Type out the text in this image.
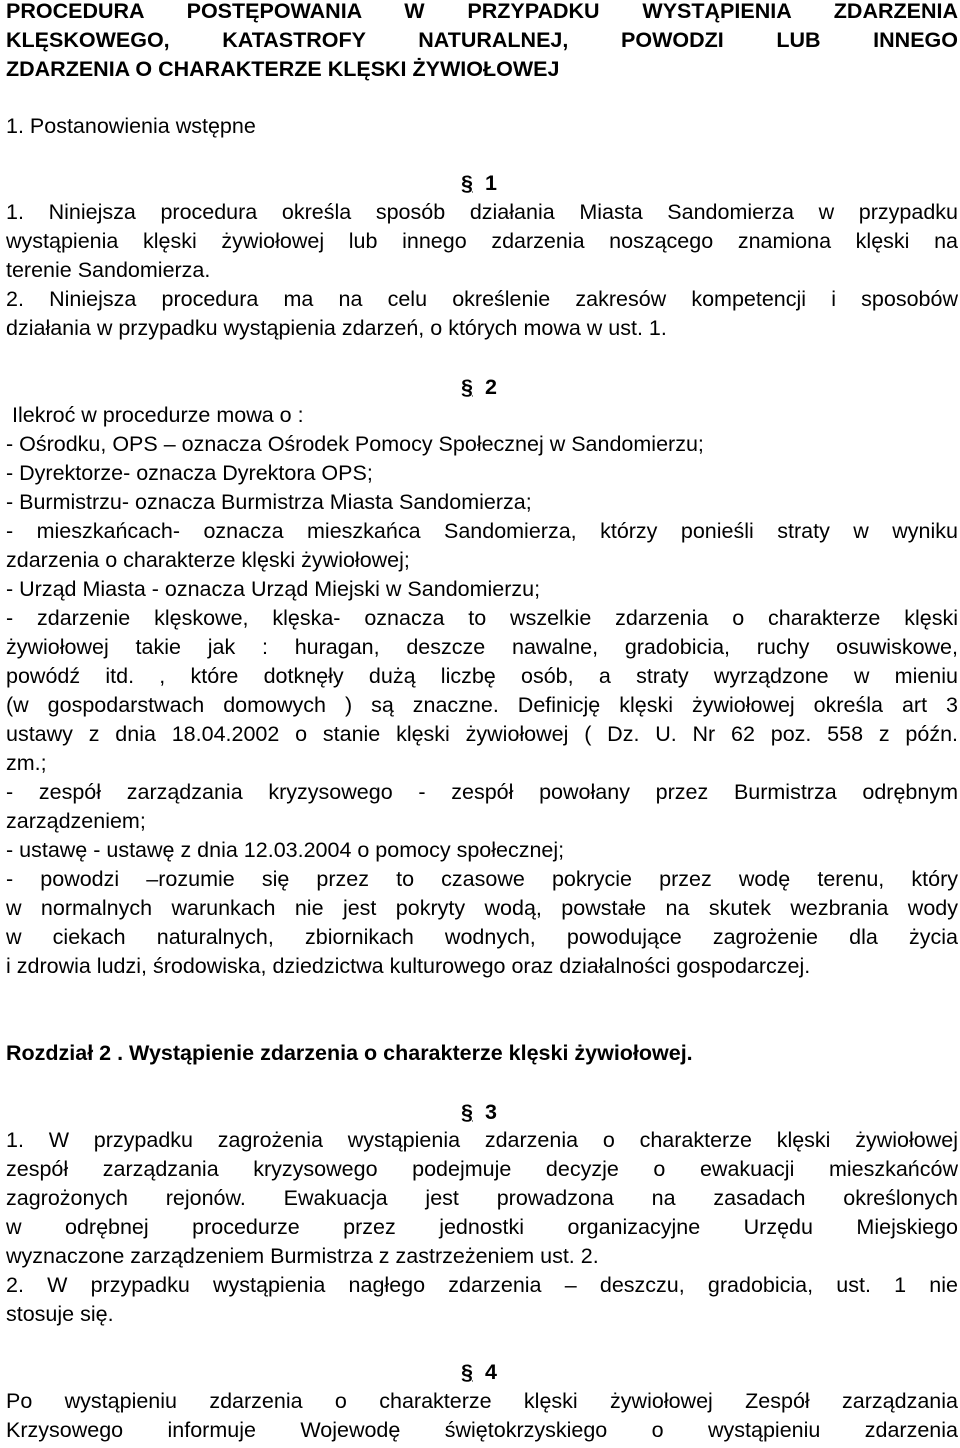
PROCEDURA POSTĘPOWANIA W PRZYPADKU WYSTĄPIENIA ZDARZENIA
KLĘSKOWEGO, KATASTROFY NATURALNEJ, POWODZI LUB INNEGO
ZDARZENIA O CHARAKTERZE KLĘSKI ŻYWIOŁOWEJ
1. Postanowienia wstępne
§ 1
1. Niniejsza procedura określa sposób działania Miasta Sandomierza w przypadku
wystąpienia klęski żywiołowej lub innego zdarzenia noszącego znamiona klęski na
terenie Sandomierza.
2. Niniejsza procedura ma na celu określenie zakresów kompetencji i sposobów
działania w przypadku wystąpienia zdarzeń, o których mowa w ust. 1.
§ 2
Ilekroć w procedurze mowa o :
- Ośrodku, OPS – oznacza Ośrodek Pomocy Społecznej w Sandomierzu;
- Dyrektorze- oznacza Dyrektora OPS;
- Burmistrzu- oznacza Burmistrza Miasta Sandomierza;
- mieszkańcach- oznacza mieszkańca Sandomierza, którzy ponieśli straty w wyniku
zdarzenia o charakterze klęski żywiołowej;
- Urząd Miasta - oznacza Urząd Miejski w Sandomierzu;
- zdarzenie klęskowe, klęska- oznacza to wszelkie zdarzenia o charakterze klęski
żywiołowej takie jak : huragan, deszcze nawalne, gradobicia, ruchy osuwiskowe,
powódź itd. , które dotknęły dużą liczbę osób, a straty wyrządzone w mieniu
(w gospodarstwach domowych ) są znaczne. Definicję klęski żywiołowej określa art 3
ustawy z dnia 18.04.2002 o stanie klęski żywiołowej ( Dz. U. Nr 62 poz. 558 z późn.
zm.;
- zespół zarządzania kryzysowego - zespół powołany przez Burmistrza odrębnym
zarządzeniem;
- ustawę - ustawę z dnia 12.03.2004 o pomocy społecznej;
- powodzi –rozumie się przez to czasowe pokrycie przez wodę terenu, który
w normalnych warunkach nie jest pokryty wodą, powstałe na skutek wezbrania wody
w ciekach naturalnych, zbiornikach wodnych, powodujące zagrożenie dla życia
i zdrowia ludzi, środowiska, dziedzictwa kulturowego oraz działalności gospodarczej.
Rozdział 2 . Wystąpienie zdarzenia o charakterze klęski żywiołowej.
§ 3
1. W przypadku zagrożenia wystąpienia zdarzenia o charakterze klęski żywiołowej
zespół zarządzania kryzysowego podejmuje decyzje o ewakuacji mieszkańców
zagrożonych rejonów. Ewakuacja jest prowadzona na zasadach określonych
w odrębnej procedurze przez jednostki organizacyjne Urzędu Miejskiego
wyznaczone zarządzeniem Burmistrza z zastrzeżeniem ust. 2.
2. W przypadku wystąpienia nagłego zdarzenia – deszczu, gradobicia, ust. 1 nie
stosuje się.
§ 4
Po wystąpieniu zdarzenia o charakterze klęski żywiołowej Zespół zarządzania
Krzysowego informuje Wojewodę świętokrzyskiego o wystąpieniu zdarzenia
